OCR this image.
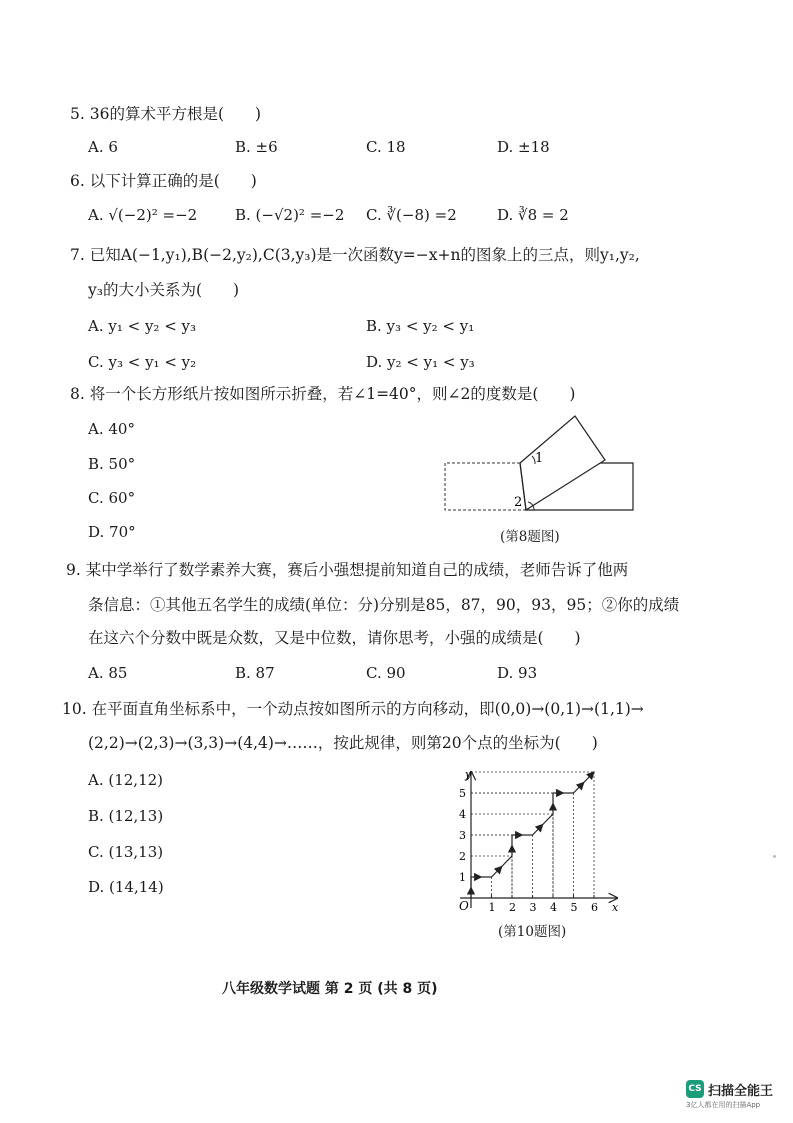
5. 36的算术平方根是(　　)
A. 6	B. ±6	C. 18	D. ±18
6. 以下计算正确的是(　　)
A. √(−2)² =−2	B. (−√2)² =−2 C. ∛(−8) =2	D. ∛8 = 2
7. 已知A(−1,y₁),B(−2,y₂),C(3,y₃)是一次函数y=−x+n的图象上的三点，则y₁,y₂,
y₃的大小关系为(　　)
A. y₁ < y₂ < y₃	B. y₃ < y₂ < y₁
C. y₃ < y₁ < y₂	D. y₂ < y₁ < y₃
8. 将一个长方形纸片按如图所示折叠，若∠1=40°，则∠2的度数是(　　)
A. 40°
B. 50°
C. 60°
D. 70°
1
2
(第8题图)
9. 某中学举行了数学素养大赛，赛后小强想提前知道自己的成绩，老师告诉了他两
条信息：①其他五名学生的成绩(单位：分)分别是85，87，90，93，95；②你的成绩
在这六个分数中既是众数，又是中位数，请你思考，小强的成绩是(　　)
A. 85	B. 87	C. 90	D. 93
10. 在平面直角坐标系中，一个动点按如图所示的方向移动，即(0,0)→(0,1)→(1,1)→
(2,2)→(2,3)→(3,3)→(4,4)→……，按此规律，则第20个点的坐标为(　　)
A. (12,12)
B. (12,13)
C. (13,13)
D. (14,14)
1 2 3 4 5 6
1
2
3
4
5
x
y
O
(第10题图)
八年级数学试题 第 2 页 (共 8 页)
CS 扫描全能王
3亿人都在用的扫描App
